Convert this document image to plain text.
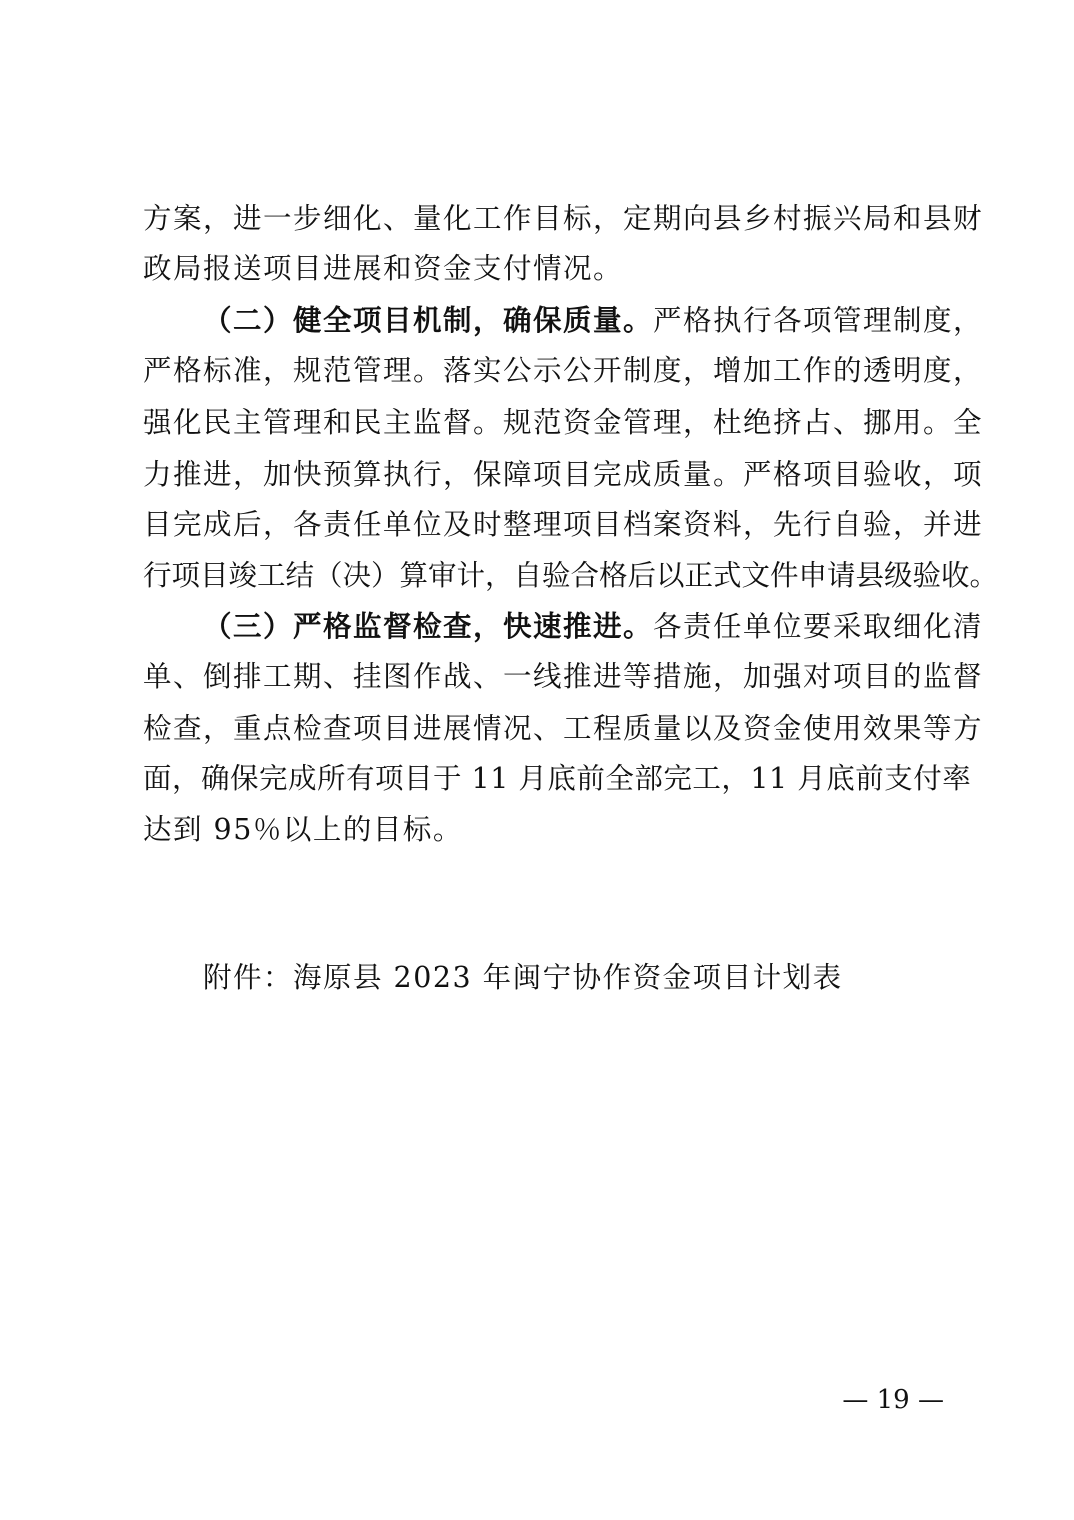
方案，进一步细化、量化工作目标，定期向县乡村振兴局和县财
政局报送项目进展和资金支付情况。
（二）健全项目机制，确保质量。严格执行各项管理制度，
严格标准，规范管理。落实公示公开制度，增加工作的透明度，
强化民主管理和民主监督。规范资金管理，杜绝挤占、挪用。全
力推进，加快预算执行，保障项目完成质量。严格项目验收，项
目完成后，各责任单位及时整理项目档案资料，先行自验，并进
行项目竣工结（决）算审计，自验合格后以正式文件申请县级验收。
（三）严格监督检查，快速推进。各责任单位要采取细化清
单、倒排工期、挂图作战、一线推进等措施，加强对项目的监督
检查，重点检查项目进展情况、工程质量以及资金使用效果等方
面，确保完成所有项目于 11 月底前全部完工，11 月底前支付率
达到 95％以上的目标。
附件：海原县 2023 年闽宁协作资金项目计划表
— 19 —
